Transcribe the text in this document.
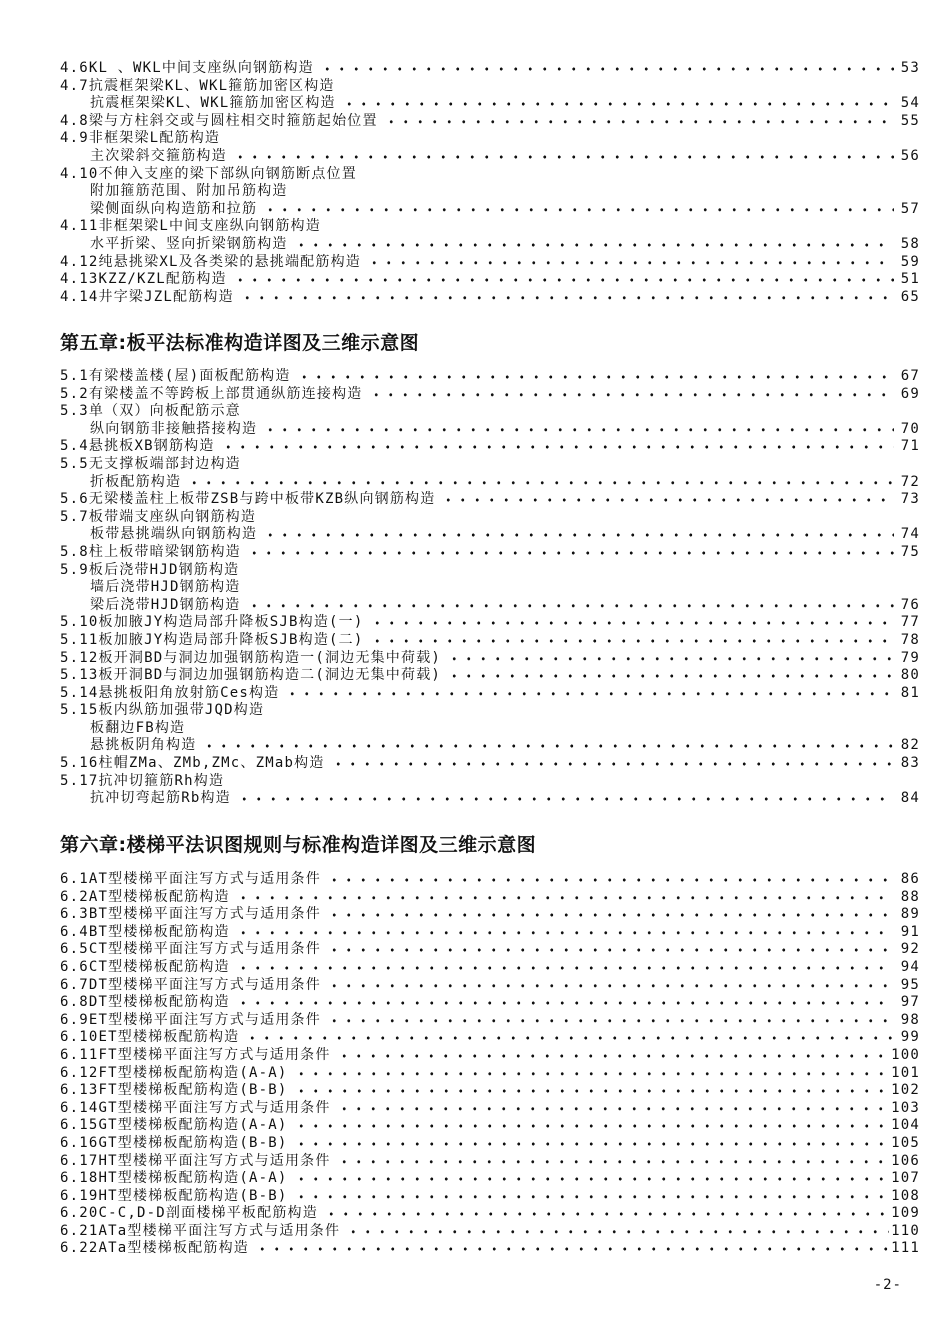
4.6KL 、WKL中间支座纵向钢筋构造	53
4.7抗震框架梁KL、WKL箍筋加密区构造
抗震框架梁KL、WKL箍筋加密区构造	54
4.8梁与方柱斜交或与圆柱相交时箍筋起始位置	55
4.9非框架梁L配筋构造
主次梁斜交箍筋构造	56
4.10不伸入支座的梁下部纵向钢筋断点位置
附加箍筋范围、附加吊筋构造
梁侧面纵向构造筋和拉筋	57
4.11非框架梁L中间支座纵向钢筋构造
水平折梁、竖向折梁钢筋构造	58
4.12纯悬挑梁XL及各类梁的悬挑端配筋构造	59
4.13KZZ/KZL配筋构造	51
4.14井字梁JZL配筋构造	65
第五章:板平法标准构造详图及三维示意图
5.1有梁楼盖楼(屋)面板配筋构造	67
5.2有梁楼盖不等跨板上部贯通纵筋连接构造	69
5.3单（双）向板配筋示意
纵向钢筋非接触搭接构造	70
5.4悬挑板XB钢筋构造	71
5.5无支撑板端部封边构造
折板配筋构造	72
5.6无梁楼盖柱上板带ZSB与跨中板带KZB纵向钢筋构造	73
5.7板带端支座纵向钢筋构造
板带悬挑端纵向钢筋构造	74
5.8柱上板带暗梁钢筋构造	75
5.9板后浇带HJD钢筋构造
墙后浇带HJD钢筋构造
梁后浇带HJD钢筋构造	76
5.10板加腋JY构造局部升降板SJB构造(一)	77
5.11板加腋JY构造局部升降板SJB构造(二)	78
5.12板开洞BD与洞边加强钢筋构造一(洞边无集中荷载)	79
5.13板开洞BD与洞边加强钢筋构造二(洞边无集中荷载)	80
5.14悬挑板阳角放射筋Ces构造	81
5.15板内纵筋加强带JQD构造
板翻边FB构造
悬挑板阴角构造	82
5.16柱帽ZMa、ZMb,ZMc、ZMab构造	83
5.17抗冲切箍筋Rh构造
抗冲切弯起筋Rb构造	84
第六章:楼梯平法识图规则与标准构造详图及三维示意图
6.1AT型楼梯平面注写方式与适用条件	86
6.2AT型楼梯板配筋构造	88
6.3BT型楼梯平面注写方式与适用条件	89
6.4BT型楼梯板配筋构造	91
6.5CT型楼梯平面注写方式与适用条件	92
6.6CT型楼梯板配筋构造	94
6.7DT型楼梯平面注写方式与适用条件	95
6.8DT型楼梯板配筋构造	97
6.9ET型楼梯平面注写方式与适用条件	98
6.10ET型楼梯板配筋构造	99
6.11FT型楼梯平面注写方式与适用条件	100
6.12FT型楼梯板配筋构造(A-A)	101
6.13FT型楼梯板配筋构造(B-B)	102
6.14GT型楼梯平面注写方式与适用条件	103
6.15GT型楼梯板配筋构造(A-A)	104
6.16GT型楼梯板配筋构造(B-B)	105
6.17HT型楼梯平面注写方式与适用条件	106
6.18HT型楼梯板配筋构造(A-A)	107
6.19HT型楼梯板配筋构造(B-B)	108
6.20C-C,D-D剖面楼梯平板配筋构造	109
6.21ATa型楼梯平面注写方式与适用条件	110
6.22ATa型楼梯板配筋构造	111
-2-
